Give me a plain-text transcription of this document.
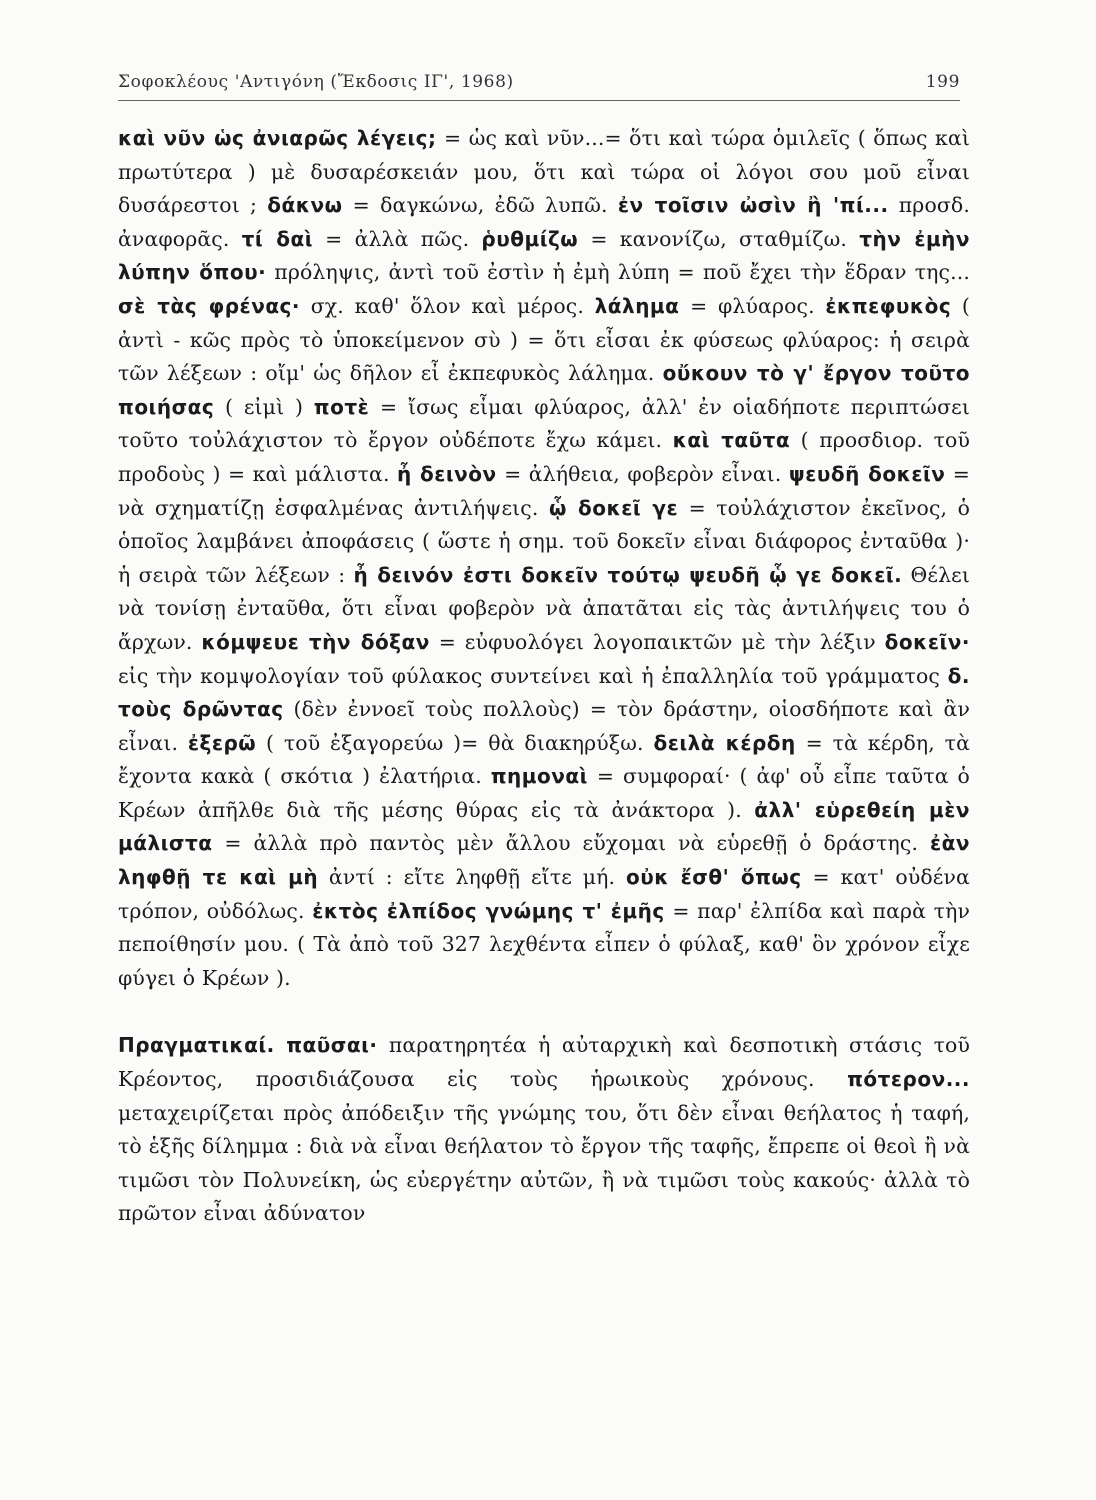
Σοφοκλέους 'Αντιγόνη (Ἔκδοσις ΙΓ', 1968)	199

καὶ νῦν ὡς ἀνιαρῶς λέγεις; = ὡς καὶ νῦν...= ὅτι καὶ τώρα ὁμιλεῖς ( ὅπως καὶ πρωτύτερα ) μὲ δυσαρέσκειάν μου, ὅτι καὶ τώρα οἱ λόγοι σου μοῦ εἶναι δυσάρεστοι ; δάκνω = δαγκώνω, ἐδῶ λυπῶ. ἐν τοῖσιν ὠσὶν ἢ 'πί... προσδ. ἀναφορᾶς. τί δαὶ = ἀλλὰ πῶς. ῥυθμίζω = κανονίζω, σταθμίζω. τὴν ἐμὴν λύπην ὅπου· πρόληψις, ἀντὶ τοῦ ἐστὶν ἡ ἐμὴ λύπη = ποῦ ἔχει τὴν ἕδραν της... σὲ τὰς φρένας· σχ. καθ' ὅλον καὶ μέρος. λάλημα = φλύαρος. ἐκπεφυκὸς ( ἀντὶ - κῶς πρὸς τὸ ὑποκείμενον σὺ ) = ὅτι εἶσαι ἐκ φύσεως φλύαρος: ἡ σειρὰ τῶν λέξεων : οἴμ' ὡς δῆλον εἶ ἐκπεφυκὸς λάλημα. οὔκουν τὸ γ' ἔργον τοῦτο ποιήσας ( εἰμὶ ) ποτὲ = ἴσως εἶμαι φλύαρος, ἀλλ' ἐν οἱαδήποτε περιπτώσει τοῦτο τοὐλάχιστον τὸ ἔργον οὐδέποτε ἔχω κάμει. καὶ ταῦτα ( προσδιορ. τοῦ προδοὺς ) = καὶ μάλιστα. ἦ δεινὸν = ἀλήθεια, φοβερὸν εἶναι. ψευδῆ δοκεῖν = νὰ σχηματίζῃ ἐσφαλμένας ἀντιλήψεις. ᾧ δοκεῖ γε = τοὐλάχιστον ἐκεῖνος, ὁ ὁποῖος λαμβάνει ἀποφάσεις ( ὥστε ἡ σημ. τοῦ δοκεῖν εἶναι διάφορος ἐνταῦθα )· ἡ σειρὰ τῶν λέξεων : ἦ δεινόν ἐστι δοκεῖν τούτῳ ψευδῆ ᾧ γε δοκεῖ. Θέλει νὰ τονίσῃ ἐνταῦθα, ὅτι εἶναι φοβερὸν νὰ ἀπατᾶται εἰς τὰς ἀντιλήψεις του ὁ ἄρχων. κόμψευε τὴν δόξαν = εὐφυολόγει λογοπαικτῶν μὲ τὴν λέξιν δοκεῖν· εἰς τὴν κομψολογίαν τοῦ φύλακος συντείνει καὶ ἡ ἐπαλληλία τοῦ γράμματος δ. τοὺς δρῶντας (δὲν ἐννοεῖ τοὺς πολλοὺς) = τὸν δράστην, οἱοσδήποτε καὶ ἂν εἶναι. ἐξερῶ ( τοῦ ἐξαγορεύω )= θὰ διακηρύξω. δειλὰ κέρδη = τὰ κέρδη, τὰ ἔχοντα κακὰ ( σκότια ) ἐλατήρια. πημοναὶ = συμφοραί· ( ἀφ' οὗ εἶπε ταῦτα ὁ Κρέων ἀπῆλθε διὰ τῆς μέσης θύρας εἰς τὰ ἀνάκτορα ). ἀλλ' εὑρεθείη μὲν μάλιστα = ἀλλὰ πρὸ παντὸς μὲν ἄλλου εὔχομαι νὰ εὑρεθῇ ὁ δράστης. ἐὰν ληφθῇ τε καὶ μὴ ἀντί : εἴτε ληφθῇ εἴτε μή. οὐκ ἔσθ' ὅπως = κατ' οὐδένα τρόπον, οὐδόλως. ἐκτὸς ἐλπίδος γνώμης τ' ἐμῆς = παρ' ἐλπίδα καὶ παρὰ τὴν πεποίθησίν μου. ( Τὰ ἀπὸ τοῦ 327 λεχθέντα εἶπεν ὁ φύλαξ, καθ' ὃν χρόνον εἶχε φύγει ὁ Κρέων ).

Πραγματικαί. παῦσαι· παρατηρητέα ἡ αὐταρχικὴ καὶ δεσποτικὴ στάσις τοῦ Κρέοντος, προσιδιάζουσα εἰς τοὺς ἡρωικοὺς χρόνους. πότερον... μεταχειρίζεται πρὸς ἀπόδειξιν τῆς γνώμης του, ὅτι δὲν εἶναι θεήλατος ἡ ταφή, τὸ ἑξῆς δίλημμα : διὰ νὰ εἶναι θεήλατον τὸ ἔργον τῆς ταφῆς, ἔπρεπε οἱ θεοὶ ἢ νὰ τιμῶσι τὸν Πολυνείκη, ὡς εὐεργέτην αὐτῶν, ἢ νὰ τιμῶσι τοὺς κακούς· ἀλλὰ τὸ πρῶτον εἶναι ἀδύνατον
